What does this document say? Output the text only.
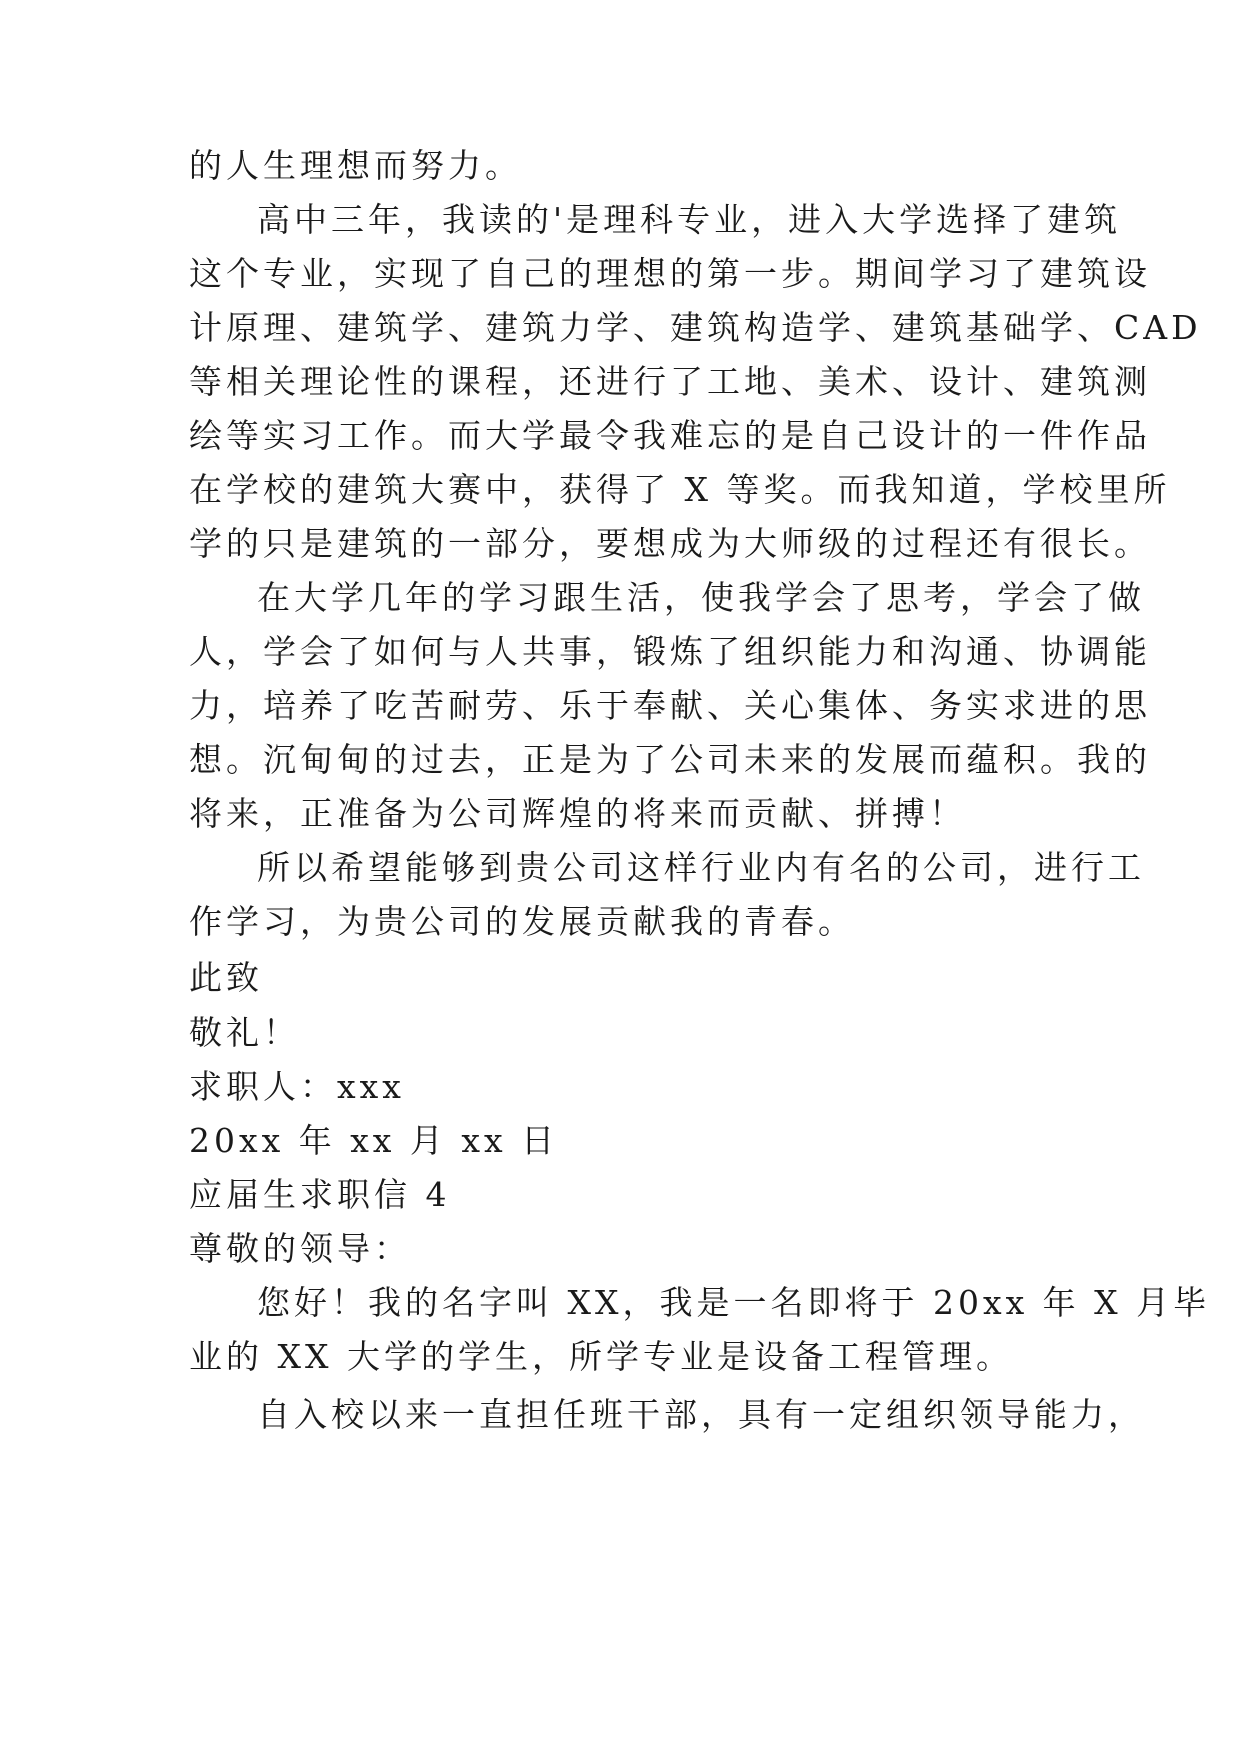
的人生理想而努力。
高中三年，我读的'是理科专业，进入大学选择了建筑
这个专业，实现了自己的理想的第一步。期间学习了建筑设
计原理、建筑学、建筑力学、建筑构造学、建筑基础学、CAD
等相关理论性的课程，还进行了工地、美术、设计、建筑测
绘等实习工作。而大学最令我难忘的是自己设计的一件作品
在学校的建筑大赛中，获得了 X 等奖。而我知道，学校里所
学的只是建筑的一部分，要想成为大师级的过程还有很长。
在大学几年的学习跟生活，使我学会了思考，学会了做
人，学会了如何与人共事，锻炼了组织能力和沟通、协调能
力，培养了吃苦耐劳、乐于奉献、关心集体、务实求进的思
想。沉甸甸的过去，正是为了公司未来的发展而蕴积。我的
将来，正准备为公司辉煌的将来而贡献、拼搏！
所以希望能够到贵公司这样行业内有名的公司，进行工
作学习，为贵公司的发展贡献我的青春。
此致
敬礼！
求职人：xxx
20xx 年 xx 月 xx 日
应届生求职信 4
尊敬的领导：
您好！我的名字叫 XX，我是一名即将于 20xx 年 X 月毕
业的 XX 大学的学生，所学专业是设备工程管理。
自入校以来一直担任班干部，具有一定组织领导能力，
